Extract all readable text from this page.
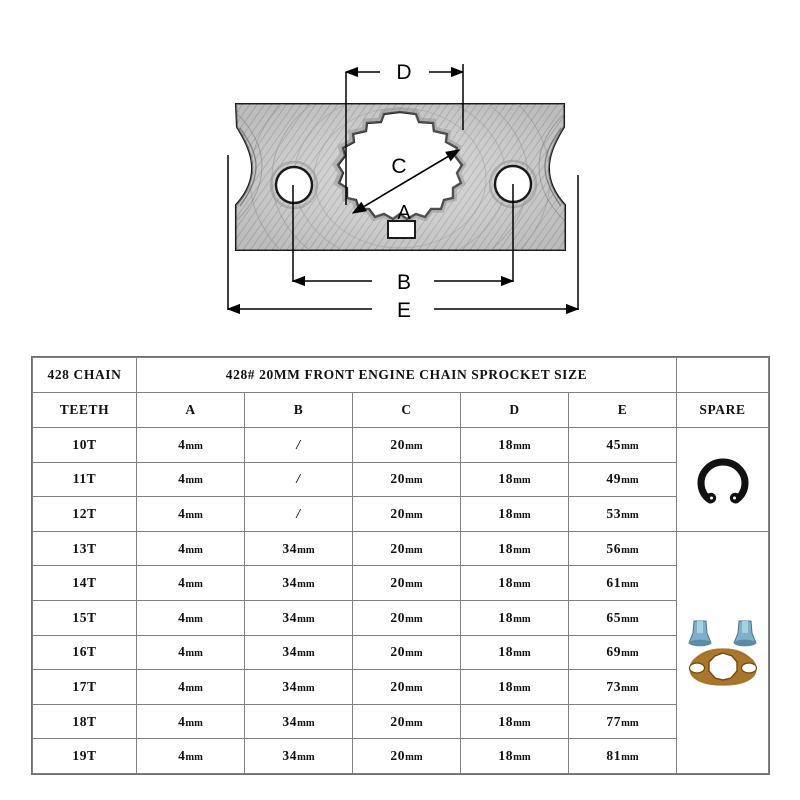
D
C
A
B
E
428 CHAIN	428# 20MM FRONT ENGINE CHAIN SPROCKET SIZE					
TEETH	A	B	C	D	E	SPARE
10T	4mm	/	20mm	18mm	45mm	

11T	4mm	/	20mm	18mm	49mm	
12T	4mm	/	20mm	18mm	53mm	
13T	4mm	34mm	20mm	18mm	56mm	

14T	4mm	34mm	20mm	18mm	61mm	
15T	4mm	34mm	20mm	18mm	65mm	
16T	4mm	34mm	20mm	18mm	69mm	
17T	4mm	34mm	20mm	18mm	73mm	
18T	4mm	34mm	20mm	18mm	77mm	
19T	4mm	34mm	20mm	18mm	81mm	
